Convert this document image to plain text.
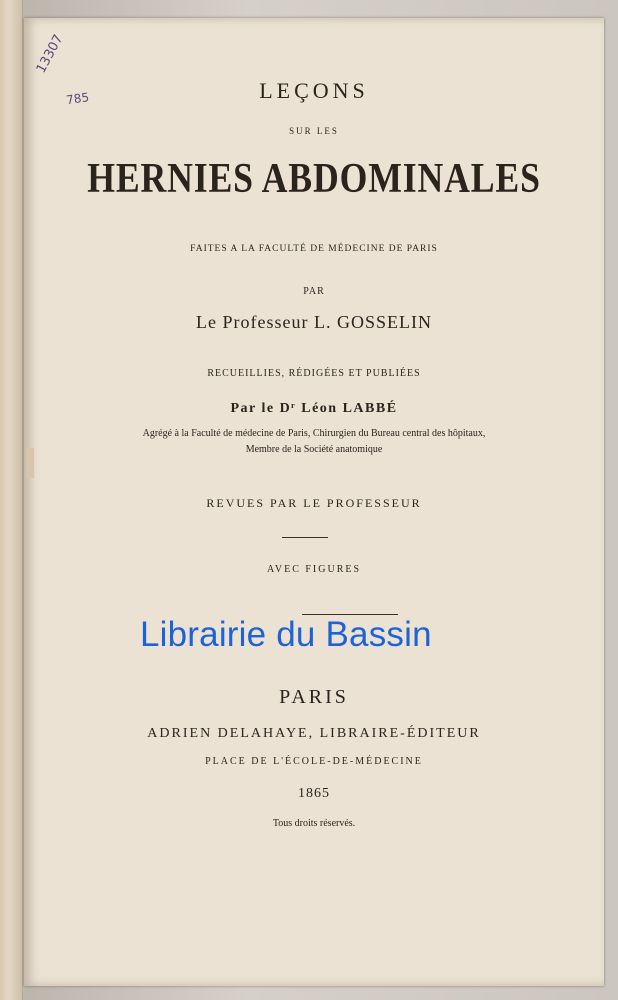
13307
785	LEÇONS
SUR LES
HERNIES ABDOMINALES
FAITES A LA FACULTÉ DE MÉDECINE DE PARIS
PAR
Le Professeur L. GOSSELIN
RECUEILLIES, RÉDIGÉES ET PUBLIÉES
Par le Dʳ Léon LABBÉ
Agrégé à la Faculté de médecine de Paris, Chirurgien du Bureau central des hôpitaux,
Membre de la Société anatomique
REVUES PAR LE PROFESSEUR
AVEC FIGURES
Librairie du Bassin
PARIS
ADRIEN DELAHAYE, LIBRAIRE-ÉDITEUR
PLACE DE L'ÉCOLE-DE-MÉDECINE
1865
Tous droits réservés.
